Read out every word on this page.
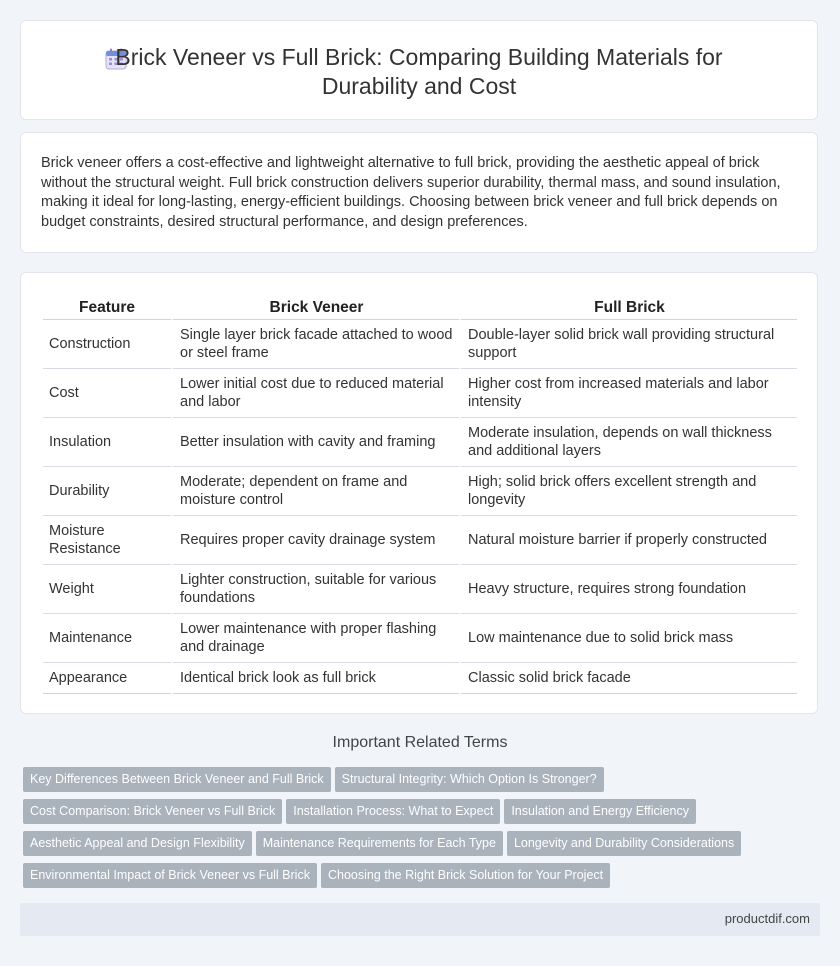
Brick Veneer vs Full Brick: Comparing Building Materials for Durability and Cost

Brick veneer offers a cost-effective and lightweight alternative to full brick, providing the aesthetic appeal of brick without the structural weight. Full brick construction delivers superior durability, thermal mass, and sound insulation, making it ideal for long-lasting, energy-efficient buildings. Choosing between brick veneer and full brick depends on budget constraints, desired structural performance, and design preferences.

Feature	Brick Veneer	Full Brick
Construction	Single layer brick facade attached to wood or steel frame	Double-layer solid brick wall providing structural support
Cost	Lower initial cost due to reduced material and labor	Higher cost from increased materials and labor intensity
Insulation	Better insulation with cavity and framing	Moderate insulation, depends on wall thickness and additional layers
Durability	Moderate; dependent on frame and moisture control	High; solid brick offers excellent strength and longevity
Moisture Resistance	Requires proper cavity drainage system	Natural moisture barrier if properly constructed
Weight	Lighter construction, suitable for various foundations	Heavy structure, requires strong foundation
Maintenance	Lower maintenance with proper flashing and drainage	Low maintenance due to solid brick mass
Appearance	Identical brick look as full brick	Classic solid brick facade
Important Related Terms
Key Differences Between Brick Veneer and Full Brick Structural Integrity: Which Option Is Stronger?
Cost Comparison: Brick Veneer vs Full Brick Installation Process: What to Expect Insulation and Energy Efficiency
Aesthetic Appeal and Design Flexibility Maintenance Requirements for Each Type Longevity and Durability Considerations
Environmental Impact of Brick Veneer vs Full Brick Choosing the Right Brick Solution for Your Project
productdif.com
